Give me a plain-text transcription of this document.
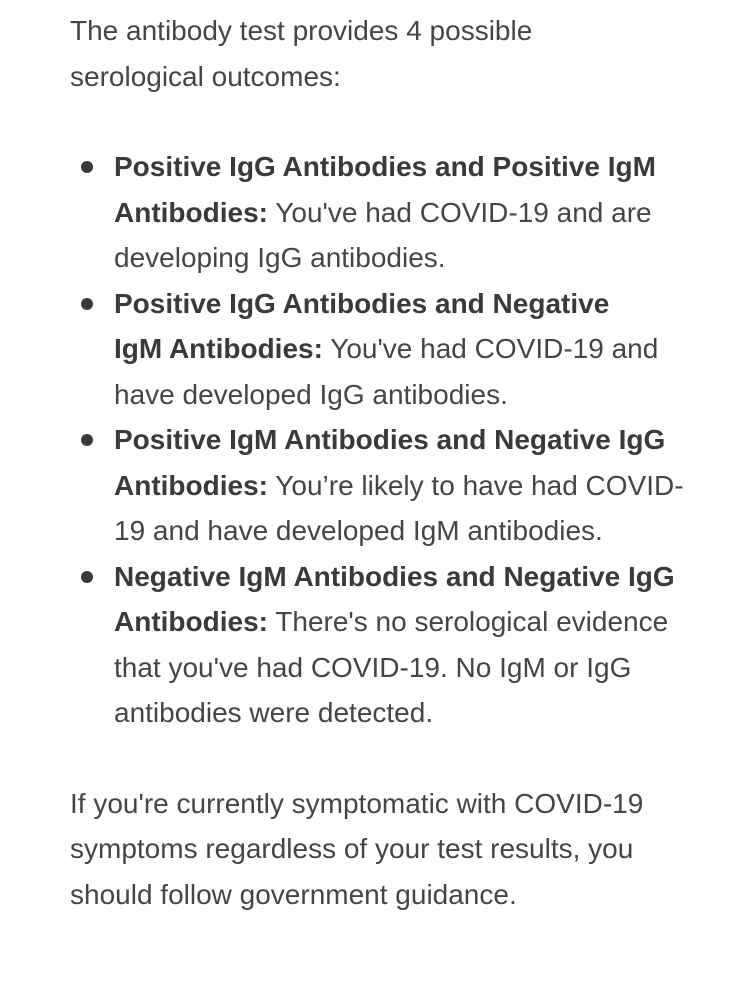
The antibody test provides 4 possible serological outcomes:

Positive IgG Antibodies and Positive IgM Antibodies: You've had COVID-19 and are developing IgG antibodies.
Positive IgG Antibodies and Negative IgM Antibodies: You've had COVID-19 and have developed IgG antibodies.
Positive IgM Antibodies and Negative IgG Antibodies: You’re likely to have had COVID-19 and have developed IgM antibodies.
Negative IgM Antibodies and Negative IgG Antibodies: There's no serological evidence that you've had COVID-19. No IgM or IgG antibodies were detected.

If you're currently symptomatic with COVID-19 symptoms regardless of your test results, you should follow government guidance.
